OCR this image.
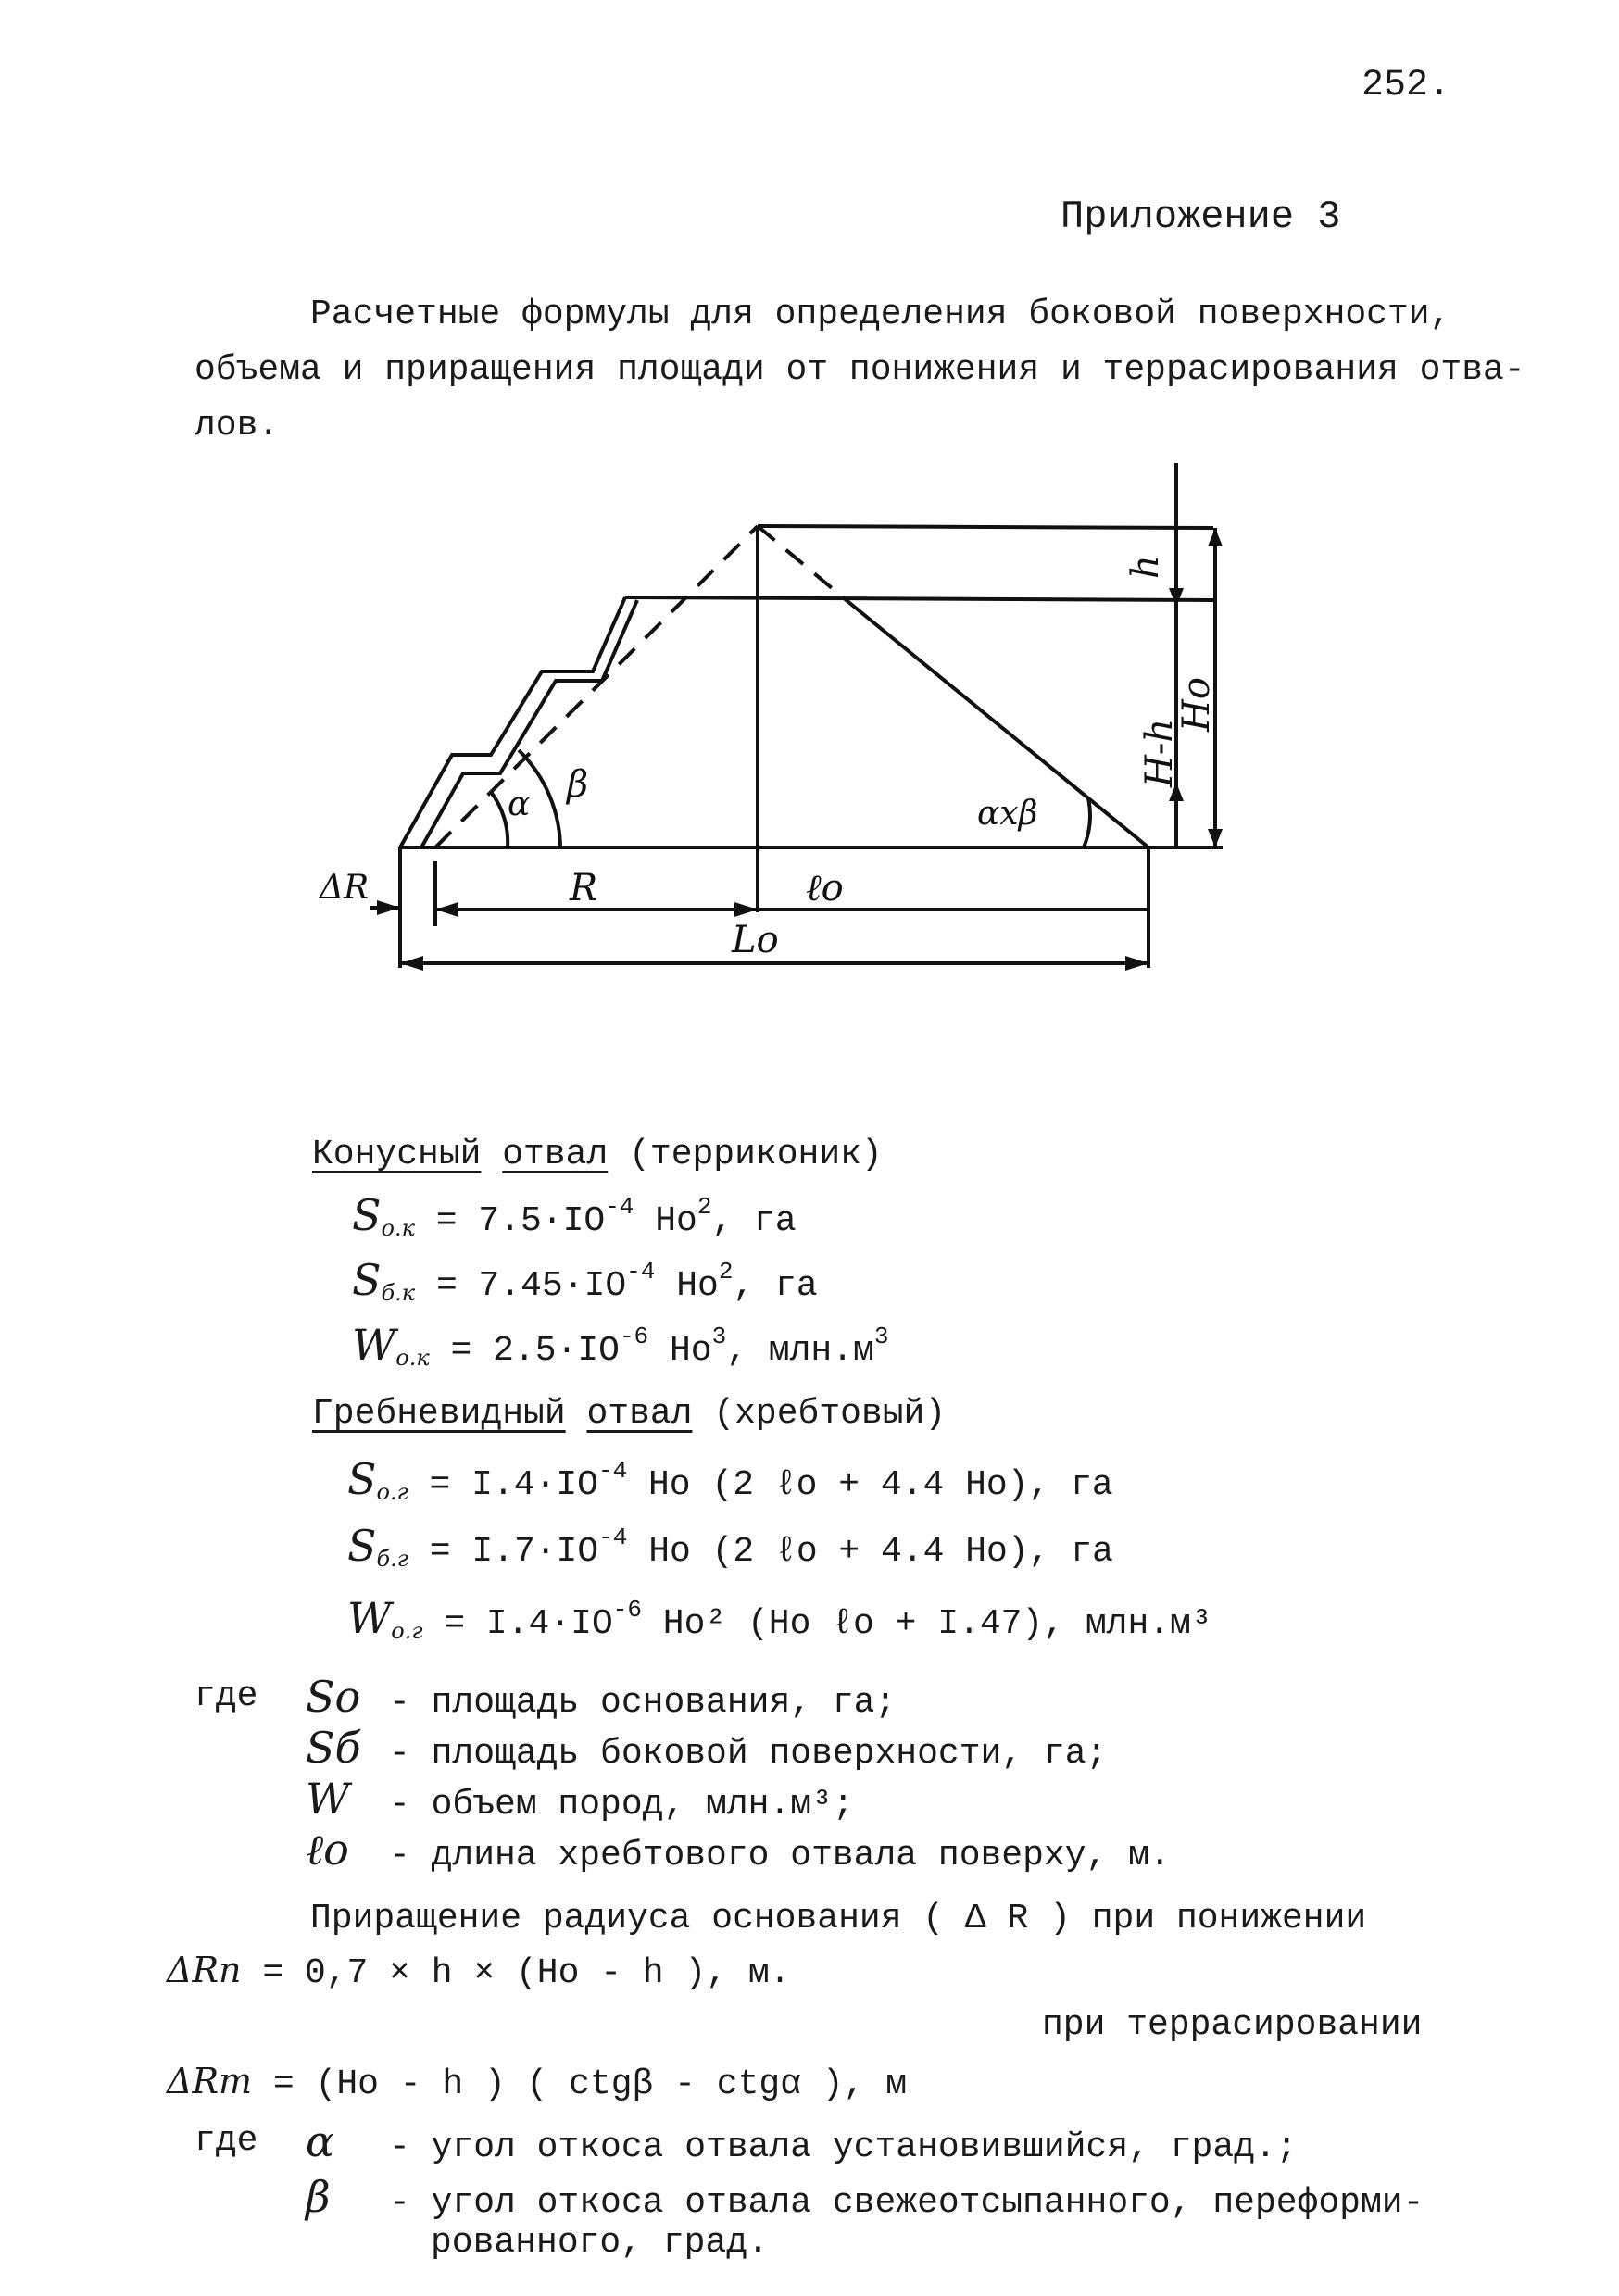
252.
Приложение 3
Расчетные формулы для определения боковой поверхности,
объема и приращения площади от понижения и террасирования отва-
лов.
h
H-h
Ho
α β
αxβ
ΔR	R	ℓo
Lo
Конусный отвал (терриконик)
$S_{о.к} = 7.5\cdot IO^{-4}$ Ho$^2$, га
$S_{б.к} = 7.45\cdot IO^{-4}$ Ho$^2$, га
$W_{о.к} = 2.5\cdot IO^{-6}$ Ho$^3$, $млн.м^3$
Гребневидный отвал (хребтовый)
$S_{о.г} = I.4\cdot IO^{-4}$ Ho (2 ℓo + 4.4 Ho), га
$S_{б.г} = I.7\cdot IO^{-4}$ Ho (2 ℓo + 4.4 Ho), га
$W_{о.г} = I.4\cdot IO^{-6}$ Ho² (Ho ℓo + I.47), млн.м³
где So - площадь основания, га;
Sб - площадь боковой поверхности, га;
W - объем пород, млн.м³;
ℓo - длина хребтового отвала поверху, м.
Приращение радиуса основания ( Δ R ) при понижении
ΔRп = 0,7 × h × (Ho - h ), м.
при террасировании
ΔRт = (Ho - h ) ( ctgβ - ctgα ), м
где α - угол откоса отвала установившийся, град.;
β - угол откоса отвала свежеотсыпанного, переформи-
рованного, град.
